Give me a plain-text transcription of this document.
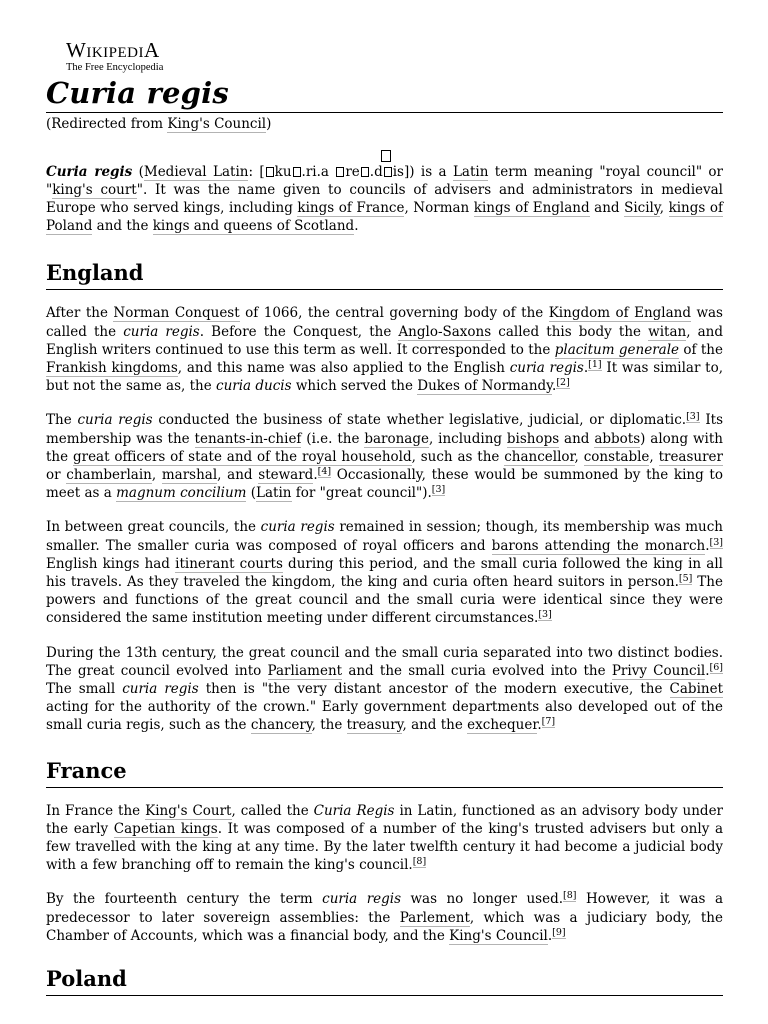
WIKIPEDIA
The Free Encyclopedia
Curia regis
(Redirected from King's Council)

Curia regis (Medieval Latin: [ ku .ri.a re .d is]) is a Latin term meaning "royal council" or "king's court". It was the name given to councils of advisers and administrators in medieval Europe who served kings, including kings of France, Norman kings of England and Sicily, kings of Poland and the kings and queens of Scotland.

England

After the Norman Conquest of 1066, the central governing body of the Kingdom of England was called the curia regis. Before the Conquest, the Anglo-Saxons called this body the witan, and English writers continued to use this term as well. It corresponded to the placitum generale of the Frankish kingdoms, and this name was also applied to the English curia regis.[1] It was similar to, but not the same as, the curia ducis which served the Dukes of Normandy.[2]

The curia regis conducted the business of state whether legislative, judicial, or diplomatic.[3] Its membership was the tenants-in-chief (i.e. the baronage, including bishops and abbots) along with the great officers of state and of the royal household, such as the chancellor, constable, treasurer or chamberlain, marshal, and steward.[4] Occasionally, these would be summoned by the king to meet as a magnum concilium (Latin for "great council").[3]

In between great councils, the curia regis remained in session; though, its membership was much smaller. The smaller curia was composed of royal officers and barons attending the monarch.[3] English kings had itinerant courts during this period, and the small curia followed the king in all his travels. As they traveled the kingdom, the king and curia often heard suitors in person.[5] The powers and functions of the great council and the small curia were identical since they were considered the same institution meeting under different circumstances.[3]

During the 13th century, the great council and the small curia separated into two distinct bodies. The great council evolved into Parliament and the small curia evolved into the Privy Council.[6] The small curia regis then is "the very distant ancestor of the modern executive, the Cabinet acting for the authority of the crown." Early government departments also developed out of the small curia regis, such as the chancery, the treasury, and the exchequer.[7]

France

In France the King's Court, called the Curia Regis in Latin, functioned as an advisory body under the early Capetian kings. It was composed of a number of the king's trusted advisers but only a few travelled with the king at any time. By the later twelfth century it had become a judicial body with a few branching off to remain the king's council.[8]

By the fourteenth century the term curia regis was no longer used.[8] However, it was a predecessor to later sovereign assemblies: the Parlement, which was a judiciary body, the Chamber of Accounts, which was a financial body, and the King's Council.[9]

Poland
